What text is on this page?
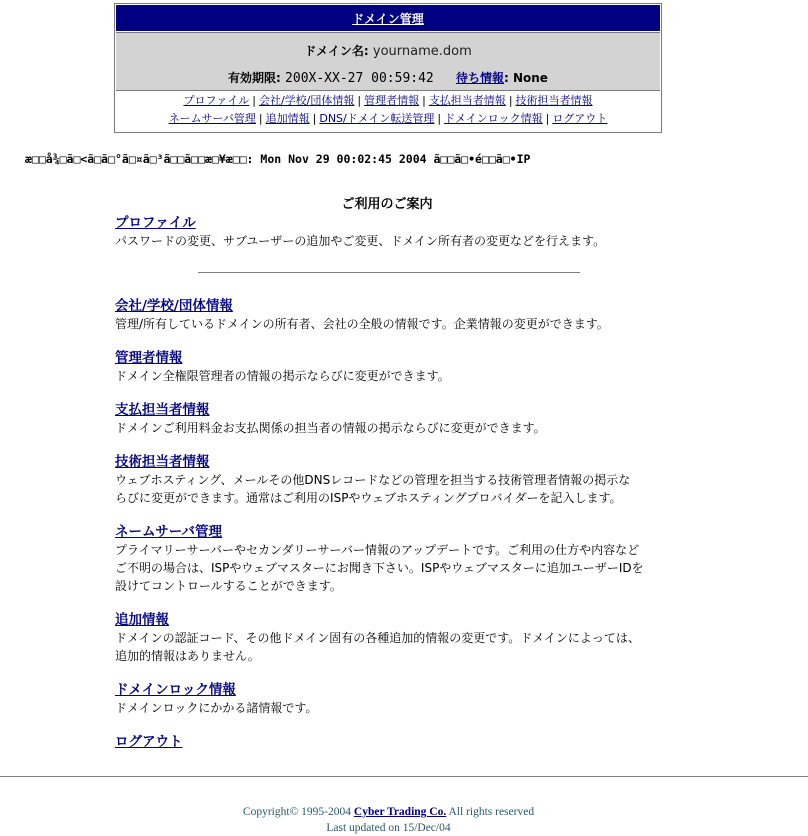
ドメイン管理
ドメイン名: yourname.dom
有効期限: 200X-XX-27 00:59:42 待ち情報: None
プロファイル | 会社/学校/団体情報 | 管理者情報 | 支払担当者情報 | 技術担当者情報
ネームサーバ管理 | 追加情報 | DNS/ドメイン転送管理 | ドメインロック情報 | ログアウト
æ□□å¾□ã□<ã□ã□°ã□¤ã□³ã□□ã□□æ□¥æ□□: Mon Nov 29 00:02:45 2004 ã□□ã□•é□□ã□•IP
ご利用のご案内
プロファイル

パスワードの変更、サブユーザーの追加やご変更、ドメイン所有者の変更などを行えます。

会社/学校/団体情報

管理/所有しているドメインの所有者、会社の全般の情報です。企業情報の変更ができます。

管理者情報

ドメイン全権限管理者の情報の掲示ならびに変更ができます。

支払担当者情報

ドメインご利用料金お支払関係の担当者の情報の掲示ならびに変更ができます。

技術担当者情報

ウェブホスティング、メールその他DNSレコードなどの管理を担当する技術管理者情報の掲示な

らびに変更ができます。通常はご利用のISPやウェブホスティングプロバイダーを記入します。

ネームサーバ管理

プライマリーサーバーやセカンダリーサーバー情報のアップデートです。ご利用の仕方や内容など

ご不明の場合は、ISPやウェブマスターにお聞き下さい。ISPやウェブマスターに追加ユーザーIDを

設けてコントロールすることができます。

追加情報

ドメインの認証コード、その他ドメイン固有の各種追加的情報の変更です。ドメインによっては、

追加的情報はありません。

ドメインロック情報

ドメインロックにかかる諸情報です。

ログアウト
Copyright© 1995-2004 Cyber Trading Co. All rights reserved
Last updated on 15/Dec/04
